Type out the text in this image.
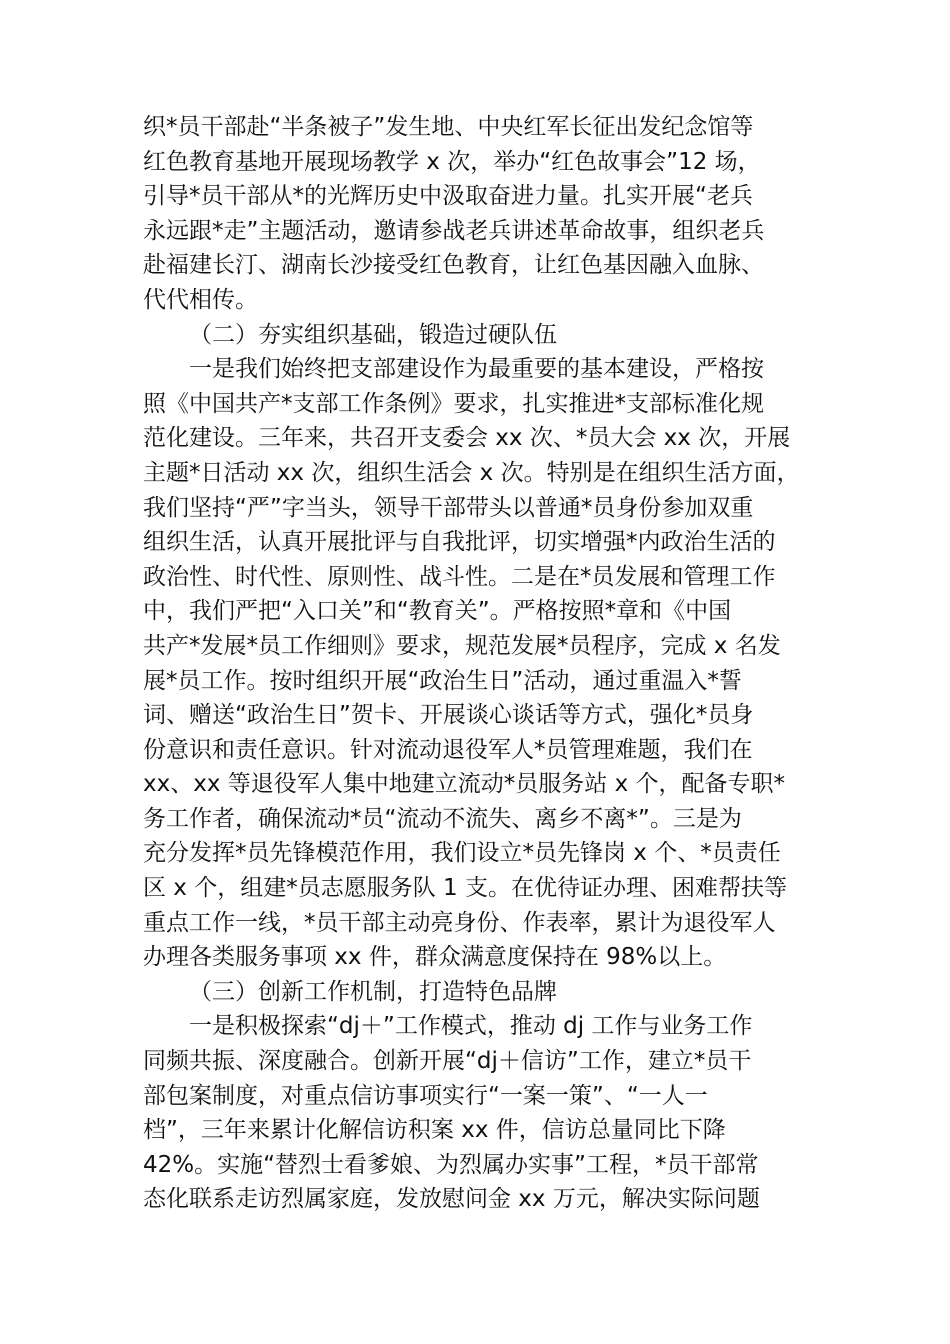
织*员干部赴“半条被子”发生地、中央红军长征出发纪念馆等
红色教育基地开展现场教学 x 次，举办“红色故事会”12 场，
引导*员干部从*的光辉历史中汲取奋进力量。扎实开展“老兵
永远跟*走”主题活动，邀请参战老兵讲述革命故事，组织老兵
赴福建长汀、湖南长沙接受红色教育，让红色基因融入血脉、
代代相传。
（二）夯实组织基础，锻造过硬队伍
一是我们始终把支部建设作为最重要的基本建设，严格按
照《中国共产*支部工作条例》要求，扎实推进*支部标准化规
范化建设。三年来，共召开支委会 xx 次、*员大会 xx 次，开展
主题*日活动 xx 次，组织生活会 x 次。特别是在组织生活方面，
我们坚持“严”字当头，领导干部带头以普通*员身份参加双重
组织生活，认真开展批评与自我批评，切实增强*内政治生活的
政治性、时代性、原则性、战斗性。二是在*员发展和管理工作
中，我们严把“入口关”和“教育关”。严格按照*章和《中国
共产*发展*员工作细则》要求，规范发展*员程序，完成 x 名发
展*员工作。按时组织开展“政治生日”活动，通过重温入*誓
词、赠送“政治生日”贺卡、开展谈心谈话等方式，强化*员身
份意识和责任意识。针对流动退役军人*员管理难题，我们在
xx、xx 等退役军人集中地建立流动*员服务站 x 个，配备专职*
务工作者，确保流动*员“流动不流失、离乡不离*”。三是为
充分发挥*员先锋模范作用，我们设立*员先锋岗 x 个、*员责任
区 x 个，组建*员志愿服务队 1 支。在优待证办理、困难帮扶等
重点工作一线，*员干部主动亮身份、作表率，累计为退役军人
办理各类服务事项 xx 件，群众满意度保持在 98%以上。
（三）创新工作机制，打造特色品牌
一是积极探索“dj＋”工作模式，推动 dj 工作与业务工作
同频共振、深度融合。创新开展“dj＋信访”工作，建立*员干
部包案制度，对重点信访事项实行“一案一策”、“一人一
档”，三年来累计化解信访积案 xx 件，信访总量同比下降
42%。实施“替烈士看爹娘、为烈属办实事”工程，*员干部常
态化联系走访烈属家庭，发放慰问金 xx 万元，解决实际问题
